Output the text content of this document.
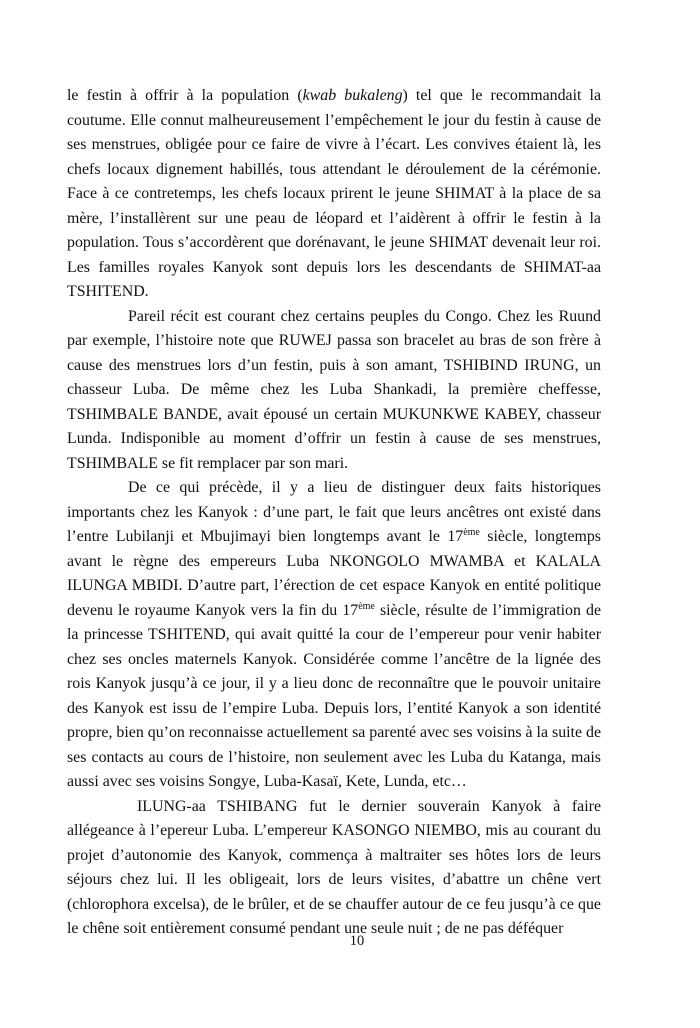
le festin à offrir à la population (kwab bukaleng) tel que le recommandait la coutume. Elle connut malheureusement l’empêchement le jour du festin à cause de ses menstrues, obligée pour ce faire de vivre à l’écart. Les convives étaient là, les chefs locaux dignement habillés, tous attendant le déroulement de la cérémonie. Face à ce contretemps, les chefs locaux prirent le jeune SHIMAT à la place de sa mère, l’installèrent sur une peau de léopard et l’aidèrent à offrir le festin à la population. Tous s’accordèrent que dorénavant, le jeune SHIMAT devenait leur roi. Les familles royales Kanyok sont depuis lors les descendants de SHIMAT-aa TSHITEND.

Pareil récit est courant chez certains peuples du Congo. Chez les Ruund par exemple, l’histoire note que RUWEJ passa son bracelet au bras de son frère à cause des menstrues lors d’un festin, puis à son amant, TSHIBIND IRUNG, un chasseur Luba. De même chez les Luba Shankadi, la première cheffesse, TSHIMBALE BANDE, avait épousé un certain MUKUNKWE KABEY, chasseur Lunda. Indisponible au moment d’offrir un festin à cause de ses menstrues, TSHIMBALE se fit remplacer par son mari.

De ce qui précède, il y a lieu de distinguer deux faits historiques importants chez les Kanyok : d’une part, le fait que leurs ancêtres ont existé dans l’entre Lubilanji et Mbujimayi bien longtemps avant le 17ème siècle, longtemps avant le règne des empereurs Luba NKONGOLO MWAMBA et KALALA ILUNGA MBIDI. D’autre part, l’érection de cet espace Kanyok en entité politique devenu le royaume Kanyok vers la fin du 17ème siècle, résulte de l’immigration de la princesse TSHITEND, qui avait quitté la cour de l’empereur pour venir habiter chez ses oncles maternels Kanyok. Considérée comme l’ancêtre de la lignée des rois Kanyok jusqu’à ce jour, il y a lieu donc de reconnaître que le pouvoir unitaire des Kanyok est issu de l’empire Luba. Depuis lors, l’entité Kanyok a son identité propre, bien qu’on reconnaisse actuellement sa parenté avec ses voisins à la suite de ses contacts au cours de l’histoire, non seulement avec les Luba du Katanga, mais aussi avec ses voisins Songye, Luba-Kasaï, Kete, Lunda, etc…

ILUNG-aa TSHIBANG fut le dernier souverain Kanyok à faire allégeance à l’epereur Luba. L’empereur KASONGO NIEMBO, mis au courant du projet d’autonomie des Kanyok, commença à maltraiter ses hôtes lors de leurs séjours chez lui. Il les obligeait, lors de leurs visites, d’abattre un chêne vert (chlorophora excelsa), de le brûler, et de se chauffer autour de ce feu jusqu’à ce que le chêne soit entièrement consumé pendant une seule nuit ; de ne pas déféquer

10
